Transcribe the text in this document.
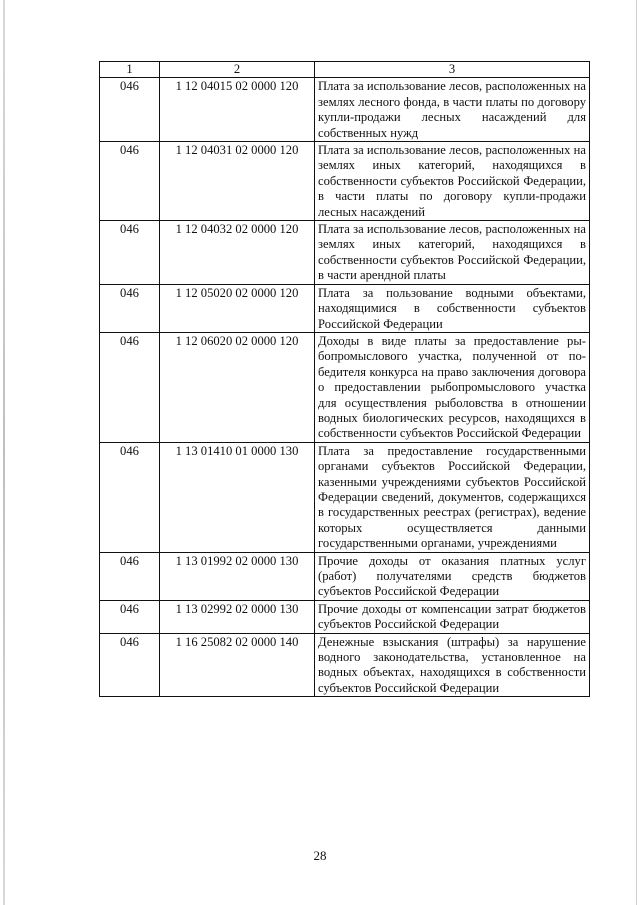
1	2	3
046	1 12 04015 02 0000 120	Плата за использование лесов, расположенных на землях лесного фонда, в части платы по договору купли-продажи лесных насаждений для собственных нужд
046	1 12 04031 02 0000 120	Плата за использование лесов, расположенных на землях иных категорий, находящихся в собственности субъектов Российской Федерации, в части платы по договору купли-продажи лесных насаждений
046	1 12 04032 02 0000 120	Плата за использование лесов, расположенных на землях иных категорий, находящихся в собственности субъектов Российской Федерации, в части арендной платы
046	1 12 05020 02 0000 120	Плата за пользование водными объектами, находящимися в собственности субъектов Российской Федерации
046	1 12 06020 02 0000 120	Доходы в виде платы за предоставление рыбопромыслового участка, полученной от победителя конкурса на право заключения договора о предоставлении рыбопромыслового участка для осуществления рыболовства в отношении водных биологических ресурсов, находящихся в собственности субъектов Российской Федерации
046	1 13 01410 01 0000 130	Плата за предоставление государственными органами субъектов Российской Федерации, казенными учреждениями субъектов Российской Федерации сведений, документов, содержащихся в государственных реестрах (регистрах), ведение которых осуществляется данными государственными органами, учреждениями
046	1 13 01992 02 0000 130	Прочие доходы от оказания платных услуг (работ) получателями средств бюджетов субъектов Российской Федерации
046	1 13 02992 02 0000 130	Прочие доходы от компенсации затрат бюджетов субъектов Российской Федерации
046	1 16 25082 02 0000 140	Денежные взыскания (штрафы) за нарушение водного законодательства, установленное на водных объектах, находящихся в собственности субъектов Российской Федерации
28
